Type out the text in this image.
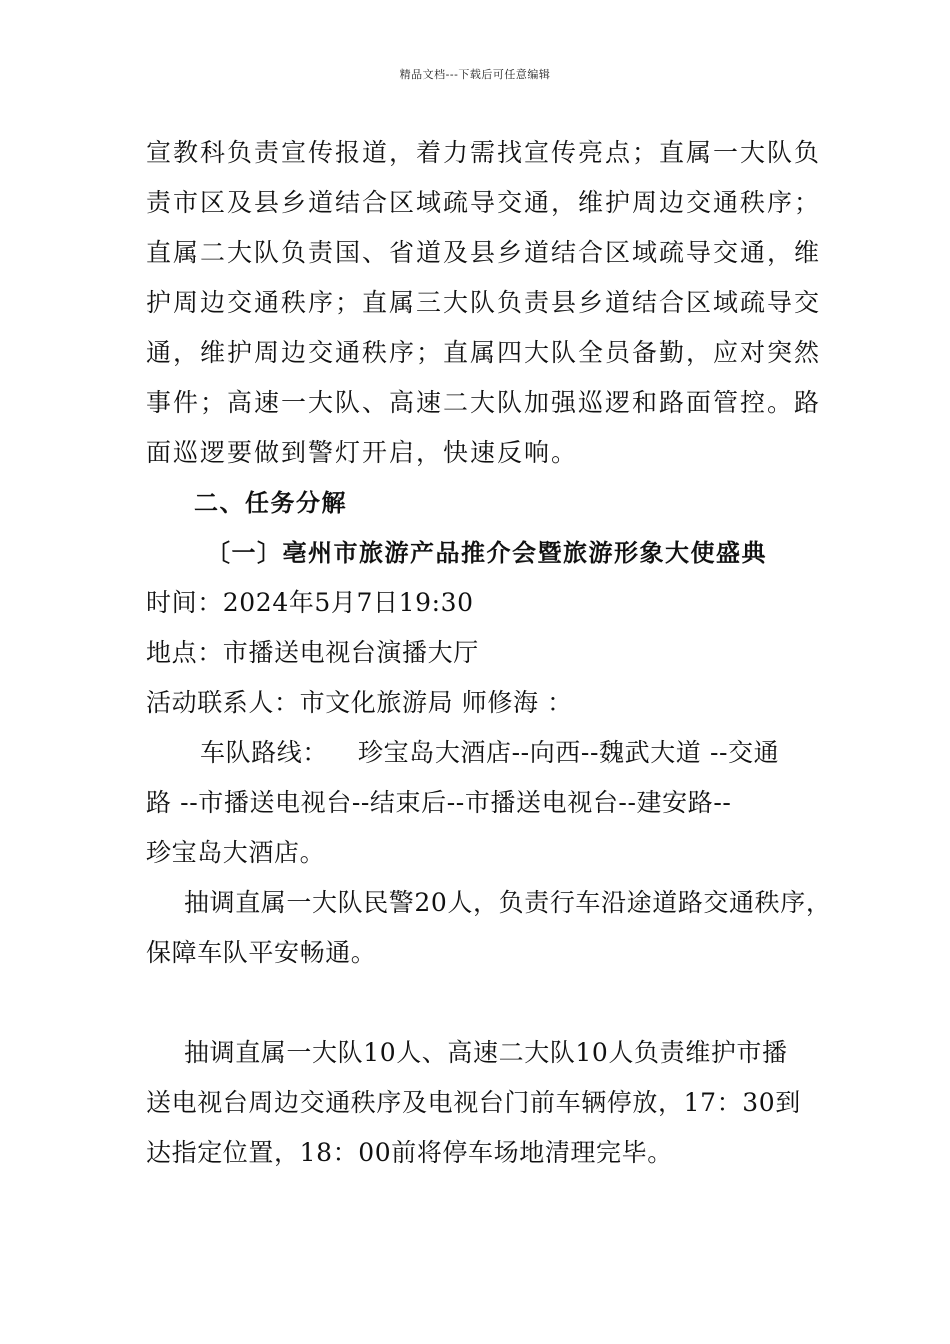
精品文档---下载后可任意编辑
宣教科负责宣传报道，着力需找宣传亮点；直属一大队负
责市区及县乡道结合区域疏导交通，维护周边交通秩序；
直属二大队负责国、省道及县乡道结合区域疏导交通，维
护周边交通秩序；直属三大队负责县乡道结合区域疏导交
通，维护周边交通秩序；直属四大队全员备勤，应对突然
事件；高速一大队、高速二大队加强巡逻和路面管控。路
面巡逻要做到警灯开启，快速反响。
二、任务分解
〔一〕亳州市旅游产品推介会暨旅游形象大使盛典
时间：2024年5月7日19:30
地点：市播送电视台演播大厅
活动联系人：市文化旅游局 师修海 ：
车队路线： 珍宝岛大酒店--向西--魏武大道 --交通
路 --市播送电视台--结束后--市播送电视台--建安路--
珍宝岛大酒店。
抽调直属一大队民警20人，负责行车沿途道路交通秩序，
保障车队平安畅通。
抽调直属一大队10人、高速二大队10人负责维护市播
送电视台周边交通秩序及电视台门前车辆停放，17：30到
达指定位置，18：00前将停车场地清理完毕。
